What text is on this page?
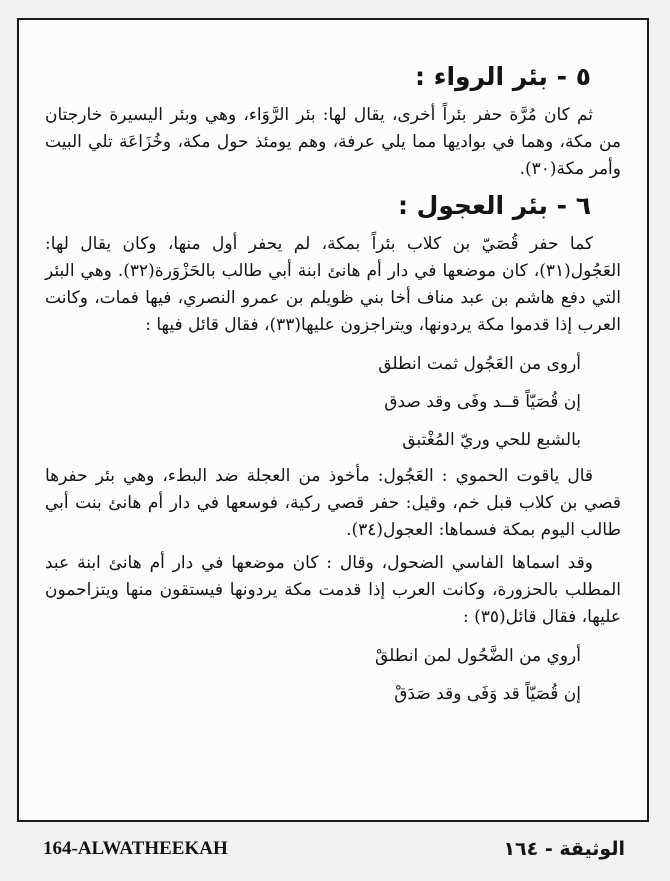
٥ - بئر الرواء :

ثم كان مُرَّة حفر بئراً أخرى، يقال لها: بئر الرَّوَاء، وهي وبئر اليسيرة خارجتان من مكة، وهما في بواديها مما يلي عرفة، وهم يومئذ حول مكة، وخُزَاعَة تلي البيت وأمر مكة(٣٠).

٦ - بئر العجول :

كما حفر قُصَيّ بن كلاب بئراً بمكة، لم يحفر أول منها، وكان يقال لها: العَجُول(٣١)، كان موضعها في دار أم هانئ ابنة أبي طالب بالحَزْوَرة(٣٢). وهي البئر التي دفع هاشم بن عبد مناف أخا بني ظويلم بن عمرو النصري، فيها فمات، وكانت العرب إذا قدموا مكة يردونها، ويتراجزون عليها(٣٣)، فقال قائل فيها :

أروى من العَجُول ثمت انطلق

إن قُصَيّاً قــد وفَى وقد صدق

بالشبع للحي وريّ المُغْتبق

قال ياقوت الحموي : العَجُول: مأخوذ من العجلة ضد البطء، وهي بئر حفرها قصي بن كلاب قبل خم، وقيل: حفر قصي ركية، فوسعها في دار أم هانئ بنت أبي طالب اليوم بمكة فسماها: العجول(٣٤).

وقد اسماها الفاسي الضحول، وقال : كان موضعها في دار أم هانئ ابنة عبد المطلب بالحزورة، وكانت العرب إذا قدمت مكة يردونها فيستقون منها ويتزاحمون عليها، فقال قائل(٣٥) :

أروي من الضَّحُول لمن انطلقْ

إن قُصَيّاً قد وَفَى وقد صَدَقْ

164-ALWATHEEKAH	الوثيقة - ١٦٤
